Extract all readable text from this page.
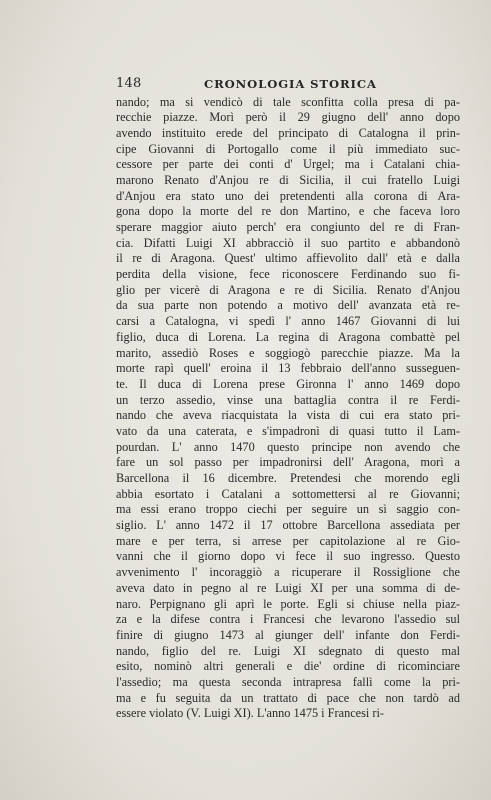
148	CRONOLOGIA STORICA
nando; ma si vendicò di tale sconfitta colla presa di pa-
recchie piazze. Morì però il 29 giugno dell' anno dopo
avendo instituito erede del principato di Catalogna il prin-
cipe Giovanni di Portogallo come il più immediato suc-
cessore per parte dei conti d' Urgel; ma i Catalani chia-
marono Renato d'Anjou re di Sicilia, il cui fratello Luigi
d'Anjou era stato uno dei pretendenti alla corona di Ara-
gona dopo la morte del re don Martino, e che faceva loro
sperare maggior aiuto perch' era congiunto del re di Fran-
cia. Difatti Luigi XI abbracciò il suo partito e abbandonò
il re di Aragona. Quest' ultimo affievolito dall' età e dalla
perdita della visione, fece riconoscere Ferdinando suo fi-
glio per vicerè di Aragona e re di Sicilia. Renato d'Anjou
da sua parte non potendo a motivo dell' avanzata età re-
carsi a Catalogna, vi spedì l' anno 1467 Giovanni di lui
figlio, duca di Lorena. La regina di Aragona combattè pel
marito, assediò Roses e soggiogò parecchie piazze. Ma la
morte rapì quell' eroina il 13 febbraio dell'anno susseguen-
te. Il duca di Lorena prese Gironna l' anno 1469 dopo
un terzo assedio, vinse una battaglia contra il re Ferdi-
nando che aveva riacquistata la vista di cui era stato pri-
vato da una caterata, e s'impadronì di quasi tutto il Lam-
pourdan. L' anno 1470 questo principe non avendo che
fare un sol passo per impadronirsi dell' Aragona, morì a
Barcellona il 16 dicembre. Pretendesi che morendo egli
abbia esortato i Catalani a sottomettersi al re Giovanni;
ma essi erano troppo ciechi per seguire un sì saggio con-
siglio. L' anno 1472 il 17 ottobre Barcellona assediata per
mare e per terra, si arrese per capitolazione al re Gio-
vanni che il giorno dopo vi fece il suo ingresso. Questo
avvenimento l' incoraggiò a ricuperare il Rossiglione che
aveva dato in pegno al re Luigi XI per una somma di de-
naro. Perpignano gli aprì le porte. Egli si chiuse nella piaz-
za e la difese contra i Francesi che levarono l'assedio sul
finire di giugno 1473 al giunger dell' infante don Ferdi-
nando, figlio del re. Luigi XI sdegnato di questo mal
esito, nominò altri generali e die' ordine di ricominciare
l'assedio; ma questa seconda intrapresa fallì come la pri-
ma e fu seguita da un trattato di pace che non tardò ad
essere violato (V. Luigi XI). L'anno 1475 i Francesi ri-
